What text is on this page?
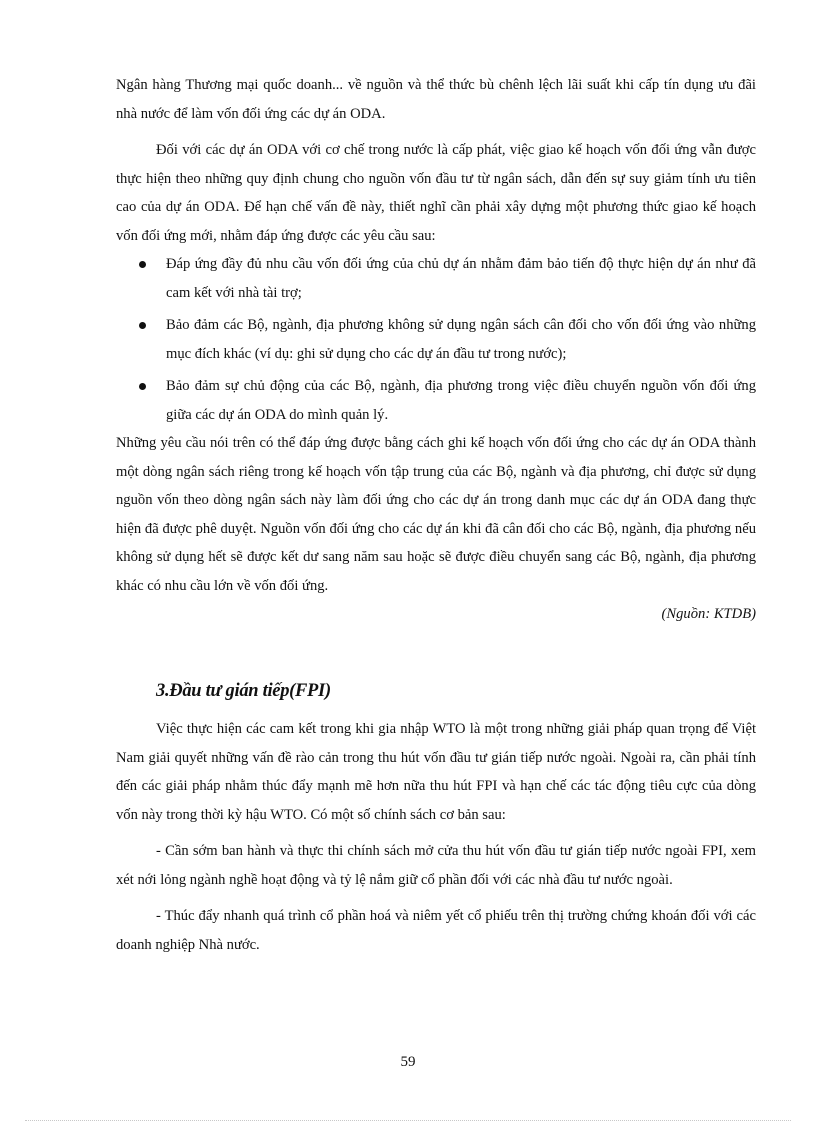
Ngân hàng Thương mại quốc doanh... về nguồn và thể thức bù chênh lệch lãi suất khi cấp tín dụng ưu đãi nhà nước để làm vốn đối ứng các dự án ODA.

Đối với các dự án ODA với cơ chế trong nước là cấp phát, việc giao kế hoạch vốn đối ứng vẫn được thực hiện theo những quy định chung cho nguồn vốn đầu tư từ ngân sách, dẫn đến sự suy giảm tính ưu tiên cao của dự án ODA. Để hạn chế vấn đề này, thiết nghĩ cần phải xây dựng một phương thức giao kế hoạch vốn đối ứng mới, nhằm đáp ứng được các yêu cầu sau:

Đáp ứng đầy đủ nhu cầu vốn đối ứng của chủ dự án nhằm đảm bảo tiến độ thực hiện dự án như đã cam kết với nhà tài trợ;
Bảo đảm các Bộ, ngành, địa phương không sử dụng ngân sách cân đối cho vốn đối ứng vào những mục đích khác (ví dụ: ghi sử dụng cho các dự án đầu tư trong nước);
Bảo đảm sự chủ động của các Bộ, ngành, địa phương trong việc điều chuyển nguồn vốn đối ứng giữa các dự án ODA do mình quản lý.

Những yêu cầu nói trên có thể đáp ứng được bằng cách ghi kế hoạch vốn đối ứng cho các dự án ODA thành một dòng ngân sách riêng trong kế hoạch vốn tập trung của các Bộ, ngành và địa phương, chỉ được sử dụng nguồn vốn theo dòng ngân sách này làm đối ứng cho các dự án trong danh mục các dự án ODA đang thực hiện đã được phê duyệt. Nguồn vốn đối ứng cho các dự án khi đã cân đối cho các Bộ, ngành, địa phương nếu không sử dụng hết sẽ được kết dư sang năm sau hoặc sẽ được điều chuyển sang các Bộ, ngành, địa phương khác có nhu cầu lớn về vốn đối ứng.

(Nguồn: KTDB)

3.Đầu tư gián tiếp(FPI)

Việc thực hiện các cam kết trong khi gia nhập WTO là một trong những giải pháp quan trọng để Việt Nam giải quyết những vấn đề rào cản trong thu hút vốn đầu tư gián tiếp nước ngoài. Ngoài ra, cần phải tính đến các giải pháp nhằm thúc đẩy mạnh mẽ hơn nữa thu hút FPI và hạn chế các tác động tiêu cực của dòng vốn này trong thời kỳ hậu WTO. Có một số chính sách cơ bản sau:

- Cần sớm ban hành và thực thi chính sách mở cửa thu hút vốn đầu tư gián tiếp nước ngoài FPI, xem xét nới lỏng ngành nghề hoạt động và tỷ lệ nắm giữ cổ phần đối với các nhà đầu tư nước ngoài.

- Thúc đẩy nhanh quá trình cổ phần hoá và niêm yết cổ phiếu trên thị trường chứng khoán đối với các doanh nghiệp Nhà nước.

59
